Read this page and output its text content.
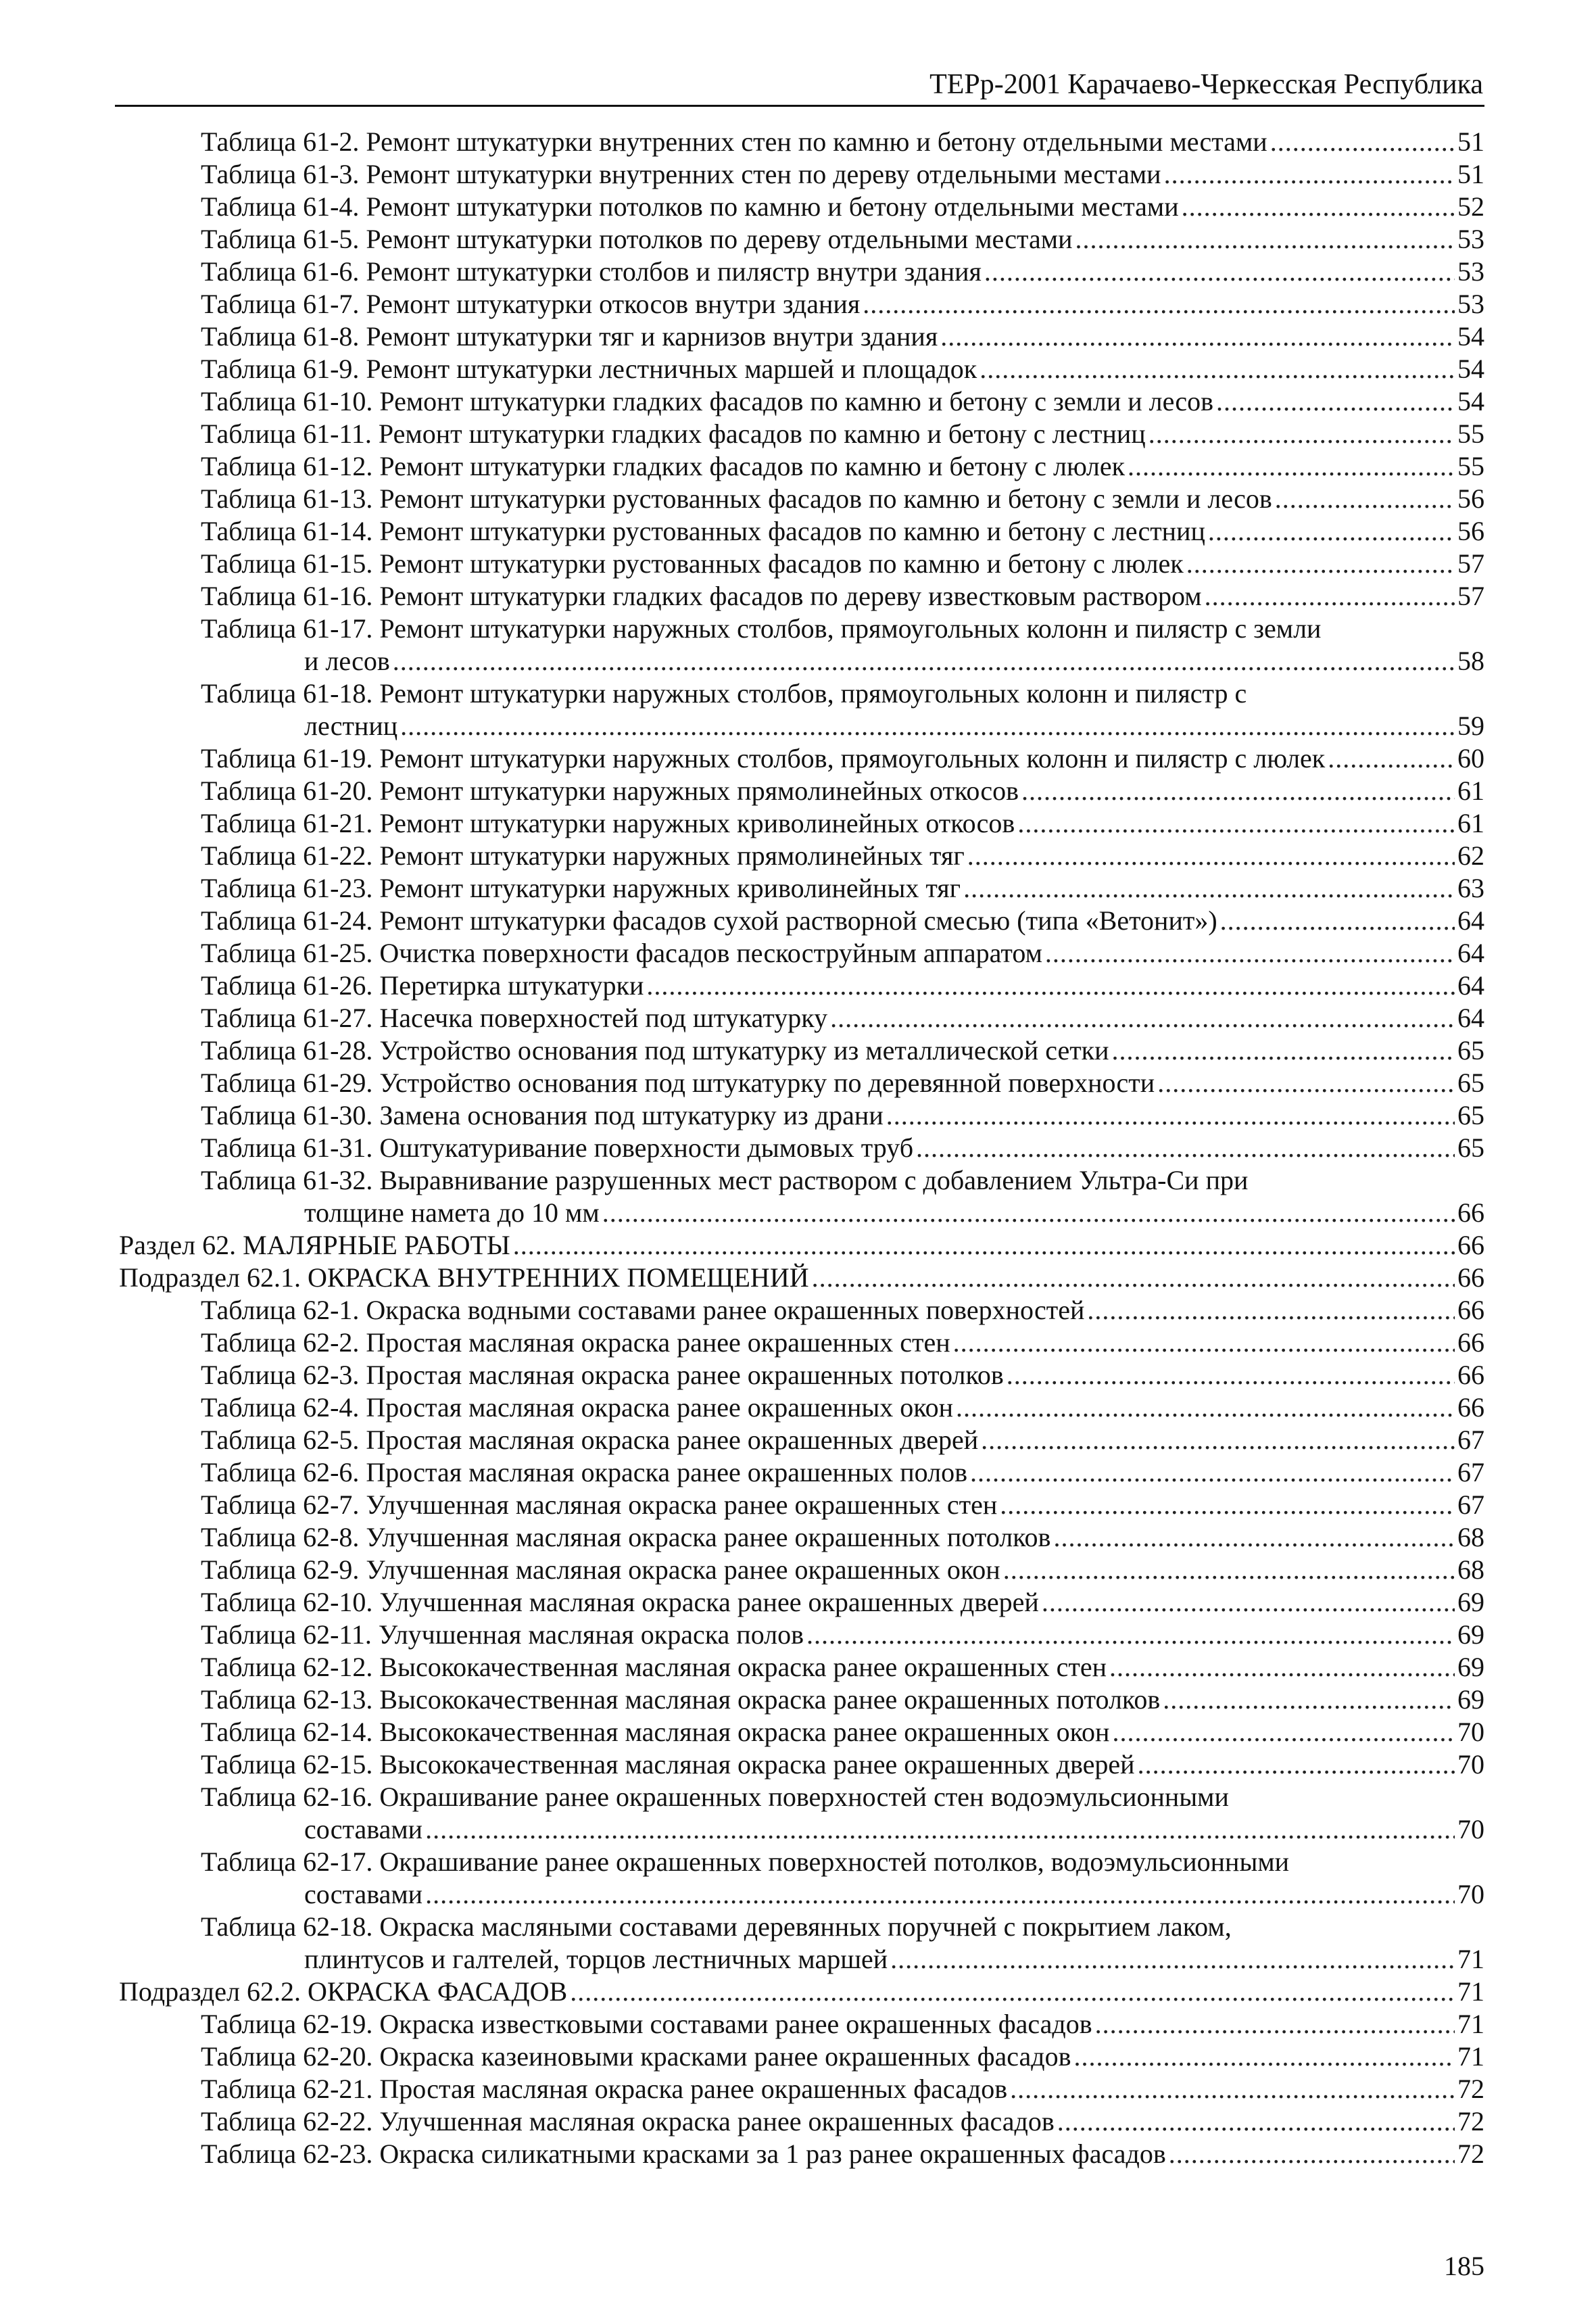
ТЕРр-2001 Карачаево-Черкесская Республика
Таблица 61-2. Ремонт штукатурки внутренних стен по камню и бетону отдельными местами .....	51
Таблица 61-3. Ремонт штукатурки внутренних стен по дереву отдельными местами .....	51
Таблица 61-4. Ремонт штукатурки потолков по камню и бетону отдельными местами .....	52
Таблица 61-5. Ремонт штукатурки потолков по дереву отдельными местами .....	53
Таблица 61-6. Ремонт штукатурки столбов и пилястр внутри здания .....	53
Таблица 61-7. Ремонт штукатурки откосов внутри здания .....	53
Таблица 61-8. Ремонт штукатурки тяг и карнизов внутри здания .....	54
Таблица 61-9. Ремонт штукатурки лестничных маршей и площадок .....	54
Таблица 61-10. Ремонт штукатурки гладких фасадов по камню и бетону с земли и лесов .....	54
Таблица 61-11. Ремонт штукатурки гладких фасадов по камню и бетону с лестниц .....	55
Таблица 61-12. Ремонт штукатурки гладких фасадов по камню и бетону с люлек .....	55
Таблица 61-13. Ремонт штукатурки рустованных фасадов по камню и бетону с земли и лесов .....	56
Таблица 61-14. Ремонт штукатурки рустованных фасадов по камню и бетону с лестниц .....	56
Таблица 61-15. Ремонт штукатурки рустованных фасадов по камню и бетону с люлек .....	57
Таблица 61-16. Ремонт штукатурки гладких фасадов по дереву известковым раствором .....	57
Таблица 61-17. Ремонт штукатурки наружных столбов, прямоугольных колонн и пилястр с земли
и лесов .....	58
Таблица 61-18. Ремонт штукатурки наружных столбов, прямоугольных колонн и пилястр с
лестниц .....	59
Таблица 61-19. Ремонт штукатурки наружных столбов, прямоугольных колонн и пилястр с люлек .....	60
Таблица 61-20. Ремонт штукатурки наружных прямолинейных откосов .....	61
Таблица 61-21. Ремонт штукатурки наружных криволинейных откосов .....	61
Таблица 61-22. Ремонт штукатурки наружных прямолинейных тяг .....	62
Таблица 61-23. Ремонт штукатурки наружных криволинейных тяг .....	63
Таблица 61-24. Ремонт штукатурки фасадов сухой растворной смесью (типа «Ветонит») .....	64
Таблица 61-25. Очистка поверхности фасадов пескоструйным аппаратом .....	64
Таблица 61-26. Перетирка штукатурки .....	64
Таблица 61-27. Насечка поверхностей под штукатурку .....	64
Таблица 61-28. Устройство основания под штукатурку из металлической сетки .....	65
Таблица 61-29. Устройство основания под штукатурку по деревянной поверхности .....	65
Таблица 61-30. Замена основания под штукатурку из драни .....	65
Таблица 61-31. Оштукатуривание поверхности дымовых труб .....	65
Таблица 61-32. Выравнивание разрушенных мест раствором с добавлением Ультра-Си при
толщине намета до 10 мм .....	66
Раздел 62. МАЛЯРНЫЕ РАБОТЫ .....	66
Подраздел 62.1. ОКРАСКА ВНУТРЕННИХ ПОМЕЩЕНИЙ .....	66
Таблица 62-1. Окраска водными составами ранее окрашенных поверхностей .....	66
Таблица 62-2. Простая масляная окраска ранее окрашенных стен .....	66
Таблица 62-3. Простая масляная окраска ранее окрашенных потолков .....	66
Таблица 62-4. Простая масляная окраска ранее окрашенных окон .....	66
Таблица 62-5. Простая масляная окраска ранее окрашенных дверей .....	67
Таблица 62-6. Простая масляная окраска ранее окрашенных полов .....	67
Таблица 62-7. Улучшенная масляная окраска ранее окрашенных стен .....	67
Таблица 62-8. Улучшенная масляная окраска ранее окрашенных потолков .....	68
Таблица 62-9. Улучшенная масляная окраска ранее окрашенных окон .....	68
Таблица 62-10. Улучшенная масляная окраска ранее окрашенных дверей .....	69
Таблица 62-11. Улучшенная масляная окраска полов .....	69
Таблица 62-12. Высококачественная масляная окраска ранее окрашенных стен .....	69
Таблица 62-13. Высококачественная масляная окраска ранее окрашенных потолков .....	69
Таблица 62-14. Высококачественная масляная окраска ранее окрашенных окон .....	70
Таблица 62-15. Высококачественная масляная окраска ранее окрашенных дверей .....	70
Таблица 62-16. Окрашивание ранее окрашенных поверхностей стен водоэмульсионными
составами .....	70
Таблица 62-17. Окрашивание ранее окрашенных поверхностей потолков, водоэмульсионными
составами .....	70
Таблица 62-18. Окраска масляными составами деревянных поручней с покрытием лаком,
плинтусов и галтелей, торцов лестничных маршей .....	71
Подраздел 62.2. ОКРАСКА ФАСАДОВ .....	71
Таблица 62-19. Окраска известковыми составами ранее окрашенных фасадов .....	71
Таблица 62-20. Окраска казеиновыми красками ранее окрашенных фасадов .....	71
Таблица 62-21. Простая масляная окраска ранее окрашенных фасадов .....	72
Таблица 62-22. Улучшенная масляная окраска ранее окрашенных фасадов .....	72
Таблица 62-23. Окраска силикатными красками за 1 раз ранее окрашенных фасадов .....	72
185
